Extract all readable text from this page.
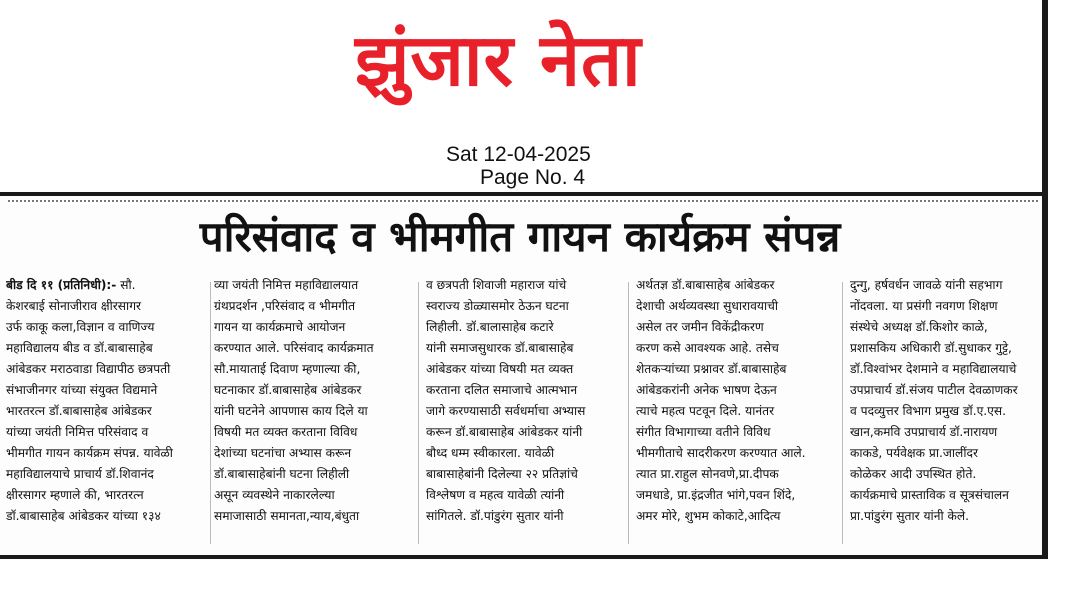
झुंजार नेता
Sat 12-04-2025
Page No. 4
परिसंवाद व भीमगीत गायन कार्यक्रम संपन्न
बीड दि ११ (प्रतिनिधी):- सौ.
केशरबाई सोनाजीराव क्षीरसागर
उर्फ काकू कला,विज्ञान व वाणिज्य
महाविद्यालय बीड व डॉ.बाबासाहेब
आंबेडकर मराठवाडा विद्यापीठ छत्रपती
संभाजीनगर यांच्या संयुक्त विद्यमाने
भारतरत्न डॉ.बाबासाहेब आंबेडकर
यांच्या जयंती निमित्त परिसंवाद व
भीमगीत गायन कार्यक्रम संपन्न. यावेळी
महाविद्यालयाचे प्राचार्य डॉ.शिवानंद
क्षीरसागर म्हणाले की, भारतरत्न
डॉ.बाबासाहेब आंबेडकर यांच्या १३४
व्या जयंती निमित्त महाविद्यालयात
ग्रंथप्रदर्शन ,परिसंवाद व भीमगीत
गायन या कार्यक्रमाचे आयोजन
करण्यात आले. परिसंवाद कार्यक्रमात
सौ.मायाताई दिवाण म्हणाल्या की,
घटनाकार डॉ.बाबासाहेब आंबेडकर
यांनी घटनेने आपणास काय दिले या
विषयी मत व्यक्त करताना विविध
देशांच्या घटनांचा अभ्यास करून
डॉ.बाबासाहेबांनी घटना लिहीली
असून व्यवस्थेने नाकारलेल्या
समाजासाठी समानता,न्याय,बंधुता
व छत्रपती शिवाजी महाराज यांचे
स्वराज्य डोळ्यासमोर ठेऊन घटना
लिहीली. डॉ.बालासाहेब कटारे
यांनी समाजसुधारक डॉ.बाबासाहेब
आंबेडकर यांच्या विषयी मत व्यक्त
करताना दलित समाजाचे आत्मभान
जागे करण्यासाठी सर्वधर्माचा अभ्यास
करून डॉ.बाबासाहेब आंबेडकर यांनी
बौध्द धम्म स्वीकारला. यावेळी
बाबासाहेबांनी दिलेल्या २२ प्रतिज्ञांचे
विश्लेषण व महत्व यावेळी त्यांनी
सांगितले. डॉ.पांडुरंग सुतार यांनी
अर्थतज्ञ डॉ.बाबासाहेब आंबेडकर
देशाची अर्थव्यवस्था सुधारावयाची
असेल तर जमीन विकेंद्रीकरण
करण कसे आवश्यक आहे. तसेच
शेतकर्‍यांच्या प्रश्नावर डॉ.बाबासाहेब
आंबेडकरांनी अनेक भाषण देऊन
त्याचे महत्व पटवून दिले. यानंतर
संगीत विभागाच्या वतीने विविध
भीमगीताचे सादरीकरण करण्यात आले.
त्यात प्रा.राहुल सोनवणे,प्रा.दीपक
जमधाडे, प्रा.इंद्रजीत भांगे,पवन शिंदे,
अमर मोरे, शुभम कोकाटे,आदित्य
दुन्गु, हर्षवर्धन जावळे यांनी सहभाग
नोंदवला. या प्रसंगी नवगण शिक्षण
संस्थेचे अध्यक्ष डॉ.किशोर काळे,
प्रशासकिय अधिकारी डॉ.सुधाकर गुट्टे,
डॉ.विश्वांभर देशमाने व महाविद्यालयाचे
उपप्राचार्य डॉ.संजय पाटील देवळाणकर
व पदव्युत्तर विभाग प्रमुख डॉ.ए.एस.
खान,कमवि उपप्राचार्य डॉ.नारायण
काकडे, पर्यवेक्षक प्रा.जालींदर
कोळेकर आदी उपस्थित होते.
कार्यक्रमाचे प्रास्ताविक व सूत्रसंचालन
प्रा.पांडुरंग सुतार यांनी केले.
